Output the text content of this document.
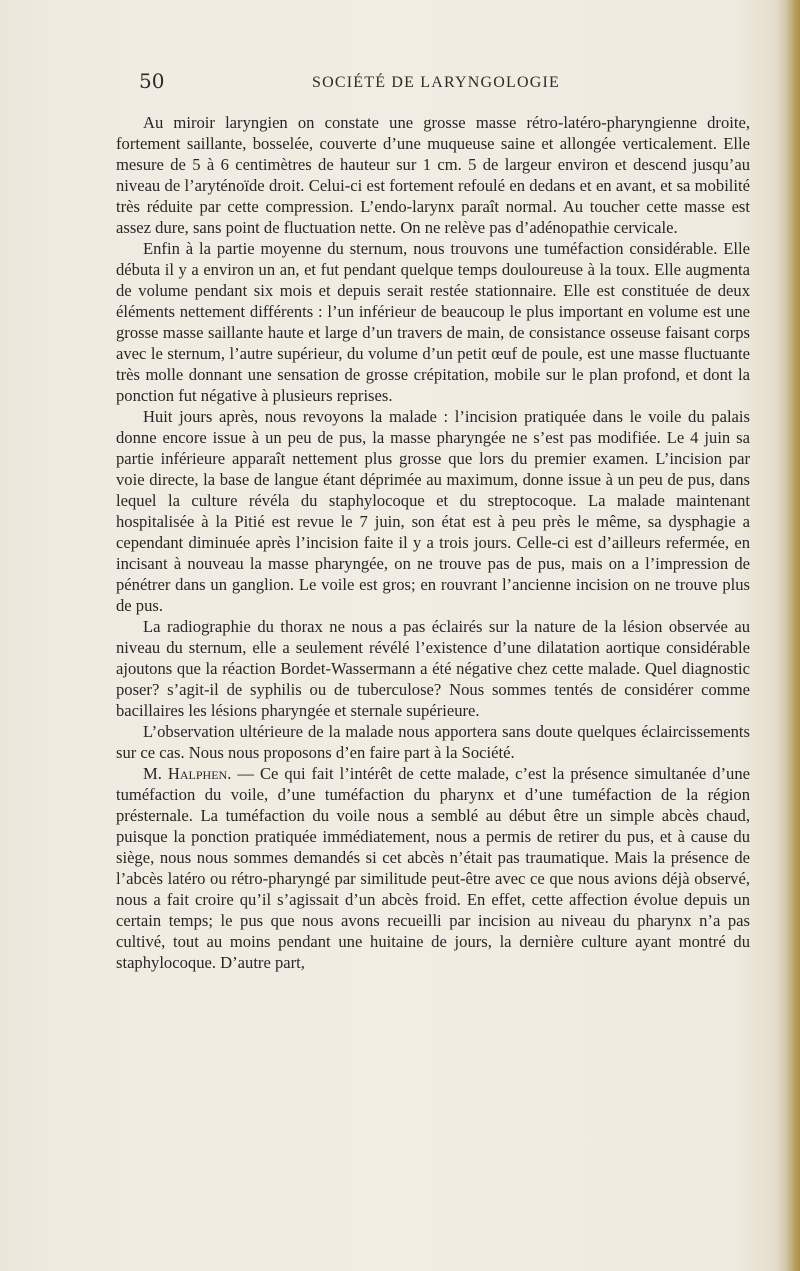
50	SOCIÉTÉ DE LARYNGOLOGIE

Au miroir laryngien on constate une grosse masse rétro-latéro-pharyngienne droite, fortement saillante, bosselée, couverte d’une muqueuse saine et allongée verticalement. Elle mesure de 5 à 6 centimètres de hauteur sur 1 cm. 5 de largeur environ et descend jusqu’au niveau de l’aryténoïde droit. Celui-ci est fortement refoulé en dedans et en avant, et sa mobilité très réduite par cette compression. L’endo-larynx paraît normal. Au toucher cette masse est assez dure, sans point de fluctuation nette. On ne relève pas d’adénopathie cervicale.

Enfin à la partie moyenne du sternum, nous trouvons une tuméfaction considérable. Elle débuta il y a environ un an, et fut pendant quelque temps douloureuse à la toux. Elle augmenta de volume pendant six mois et depuis serait restée stationnaire. Elle est constituée de deux éléments nettement différents : l’un inférieur de beaucoup le plus important en volume est une grosse masse saillante haute et large d’un travers de main, de consistance osseuse faisant corps avec le sternum, l’autre supérieur, du volume d’un petit œuf de poule, est une masse fluctuante très molle donnant une sensation de grosse crépitation, mobile sur le plan profond, et dont la ponction fut négative à plusieurs reprises.

Huit jours après, nous revoyons la malade : l’incision pratiquée dans le voile du palais donne encore issue à un peu de pus, la masse pharyngée ne s’est pas modifiée. Le 4 juin sa partie inférieure apparaît nettement plus grosse que lors du premier examen. L’incision par voie directe, la base de langue étant déprimée au maximum, donne issue à un peu de pus, dans lequel la culture révéla du staphylocoque et du streptocoque. La malade maintenant hospitalisée à la Pitié est revue le 7 juin, son état est à peu près le même, sa dysphagie a cependant diminuée après l’incision faite il y a trois jours. Celle-ci est d’ailleurs refermée, en incisant à nouveau la masse pharyngée, on ne trouve pas de pus, mais on a l’impression de pénétrer dans un ganglion. Le voile est gros; en rouvrant l’ancienne incision on ne trouve plus de pus.

La radiographie du thorax ne nous a pas éclairés sur la nature de la lésion observée au niveau du sternum, elle a seulement révélé l’existence d’une dilatation aortique considérable ajoutons que la réaction Bordet-Wassermann a été négative chez cette malade. Quel diagnostic poser? s’agit-il de syphilis ou de tuberculose? Nous sommes tentés de considérer comme bacillaires les lésions pharyngée et sternale supérieure.

L’observation ultérieure de la malade nous apportera sans doute quelques éclaircissements sur ce cas. Nous nous proposons d’en faire part à la Société.

M. Halphen. — Ce qui fait l’intérêt de cette malade, c’est la présence simultanée d’une tuméfaction du voile, d’une tuméfaction du pharynx et d’une tuméfaction de la région présternale. La tuméfaction du voile nous a semblé au début être un simple abcès chaud, puisque la ponction pratiquée immédiatement, nous a permis de retirer du pus, et à cause du siège, nous nous sommes demandés si cet abcès n’était pas traumatique. Mais la présence de l’abcès latéro ou rétro-pharyngé par similitude peut-être avec ce que nous avions déjà observé, nous a fait croire qu’il s’agissait d’un abcès froid. En effet, cette affection évolue depuis un certain temps; le pus que nous avons recueilli par incision au niveau du pharynx n’a pas cultivé, tout au moins pendant une huitaine de jours, la dernière culture ayant montré du staphylocoque. D’autre part,
